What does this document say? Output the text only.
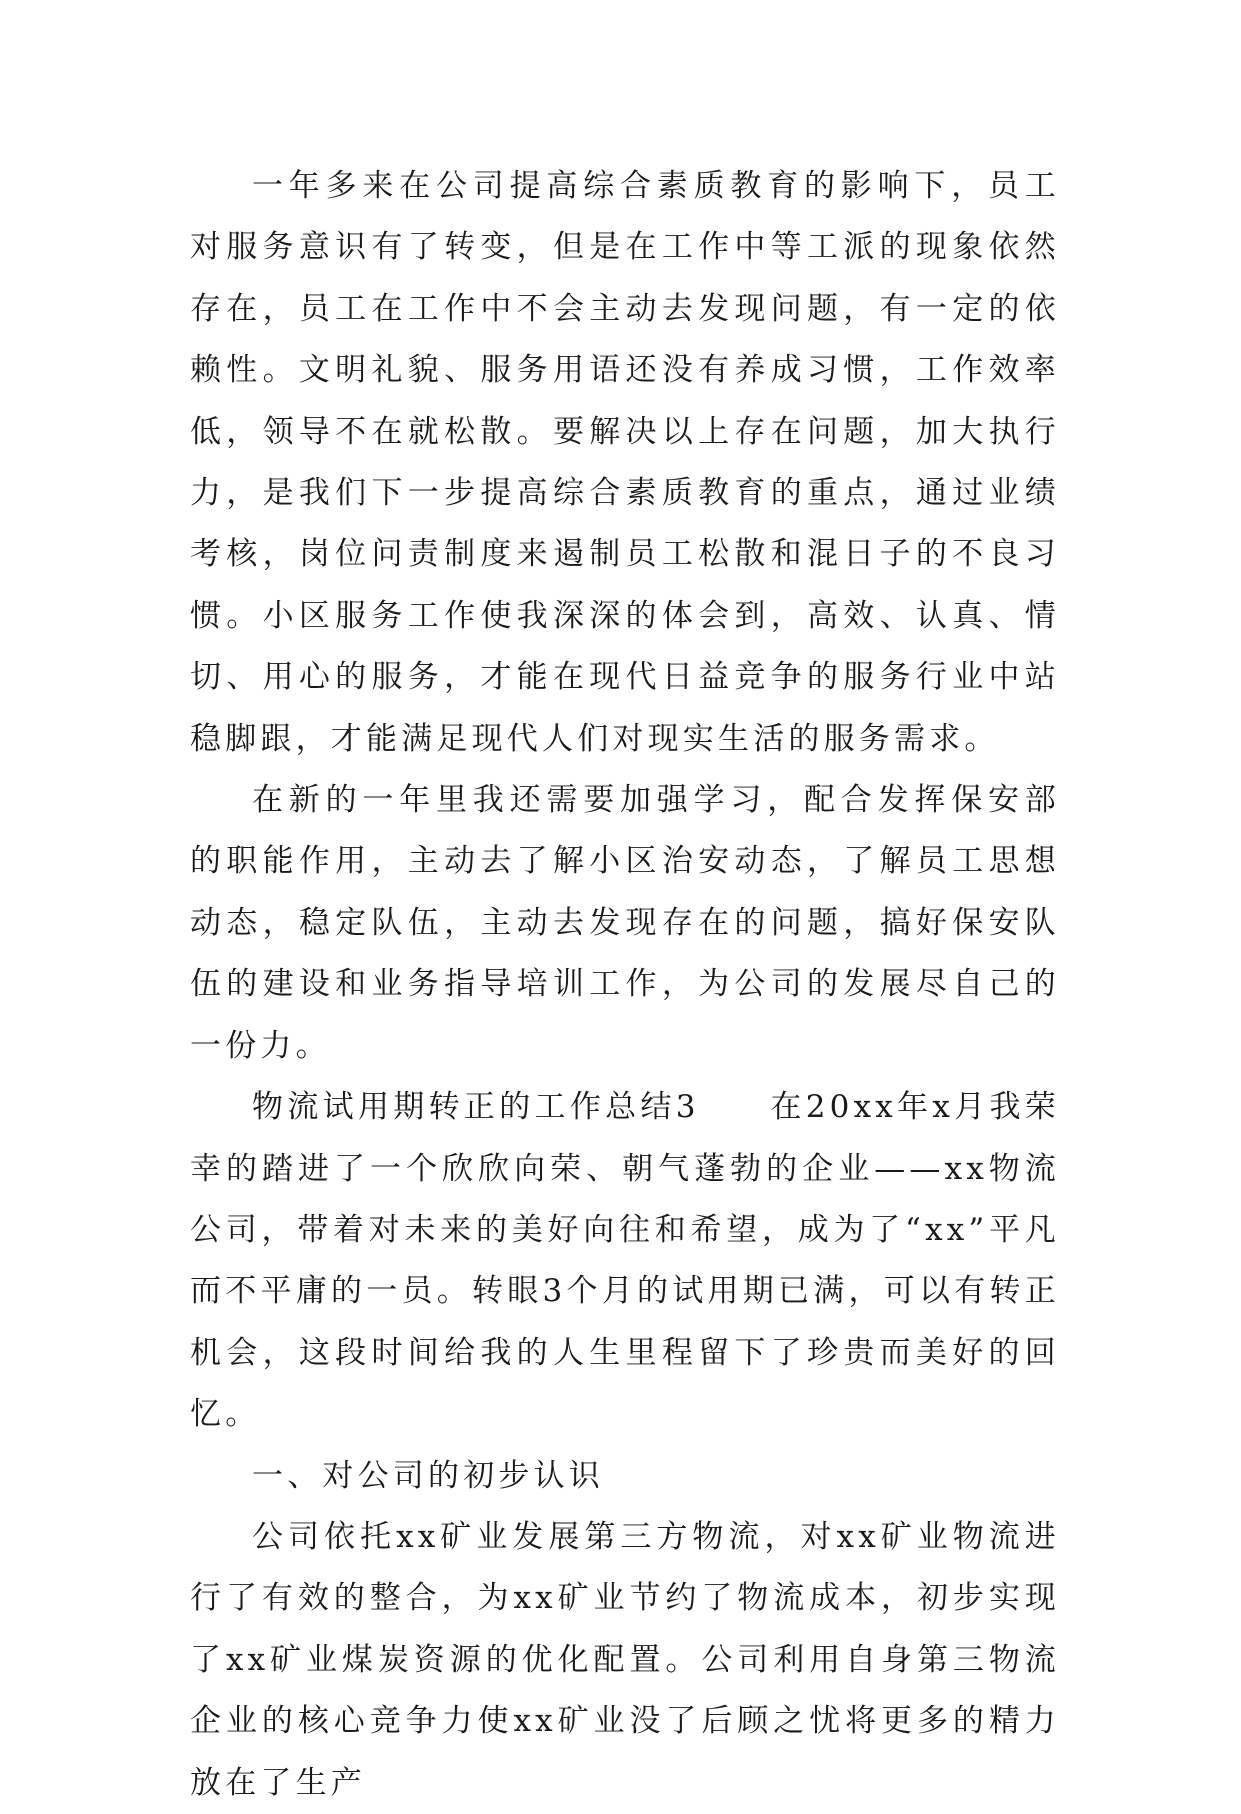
一年多来在公司提高综合素质教育的影响下，员工对服务意识有了转变，但是在工作中等工派的现象依然存在，员工在工作中不会主动去发现问题，有一定的依赖性。文明礼貌、服务用语还没有养成习惯，工作效率低，领导不在就松散。要解决以上存在问题，加大执行力，是我们下一步提高综合素质教育的重点，通过业绩考核，岗位问责制度来遏制员工松散和混日子的不良习惯。小区服务工作使我深深的体会到，高效、认真、情切、用心的服务，才能在现代日益竞争的服务行业中站稳脚跟，才能满足现代人们对现实生活的服务需求。

在新的一年里我还需要加强学习，配合发挥保安部的职能作用，主动去了解小区治安动态，了解员工思想动态，稳定队伍，主动去发现存在的问题，搞好保安队伍的建设和业务指导培训工作，为公司的发展尽自己的一份力。

物流试用期转正的工作总结3　　在20xx年x月我荣幸的踏进了一个欣欣向荣、朝气蓬勃的企业——xx物流公司，带着对未来的美好向往和希望，成为了“xx”平凡而不平庸的一员。转眼3个月的试用期已满，可以有转正机会，这段时间给我的人生里程留下了珍贵而美好的回忆。

一、对公司的初步认识

公司依托xx矿业发展第三方物流，对xx矿业物流进行了有效的整合，为xx矿业节约了物流成本，初步实现了xx矿业煤炭资源的优化配置。公司利用自身第三物流企业的核心竞争力使xx矿业没了后顾之忧将更多的精力放在了生产
